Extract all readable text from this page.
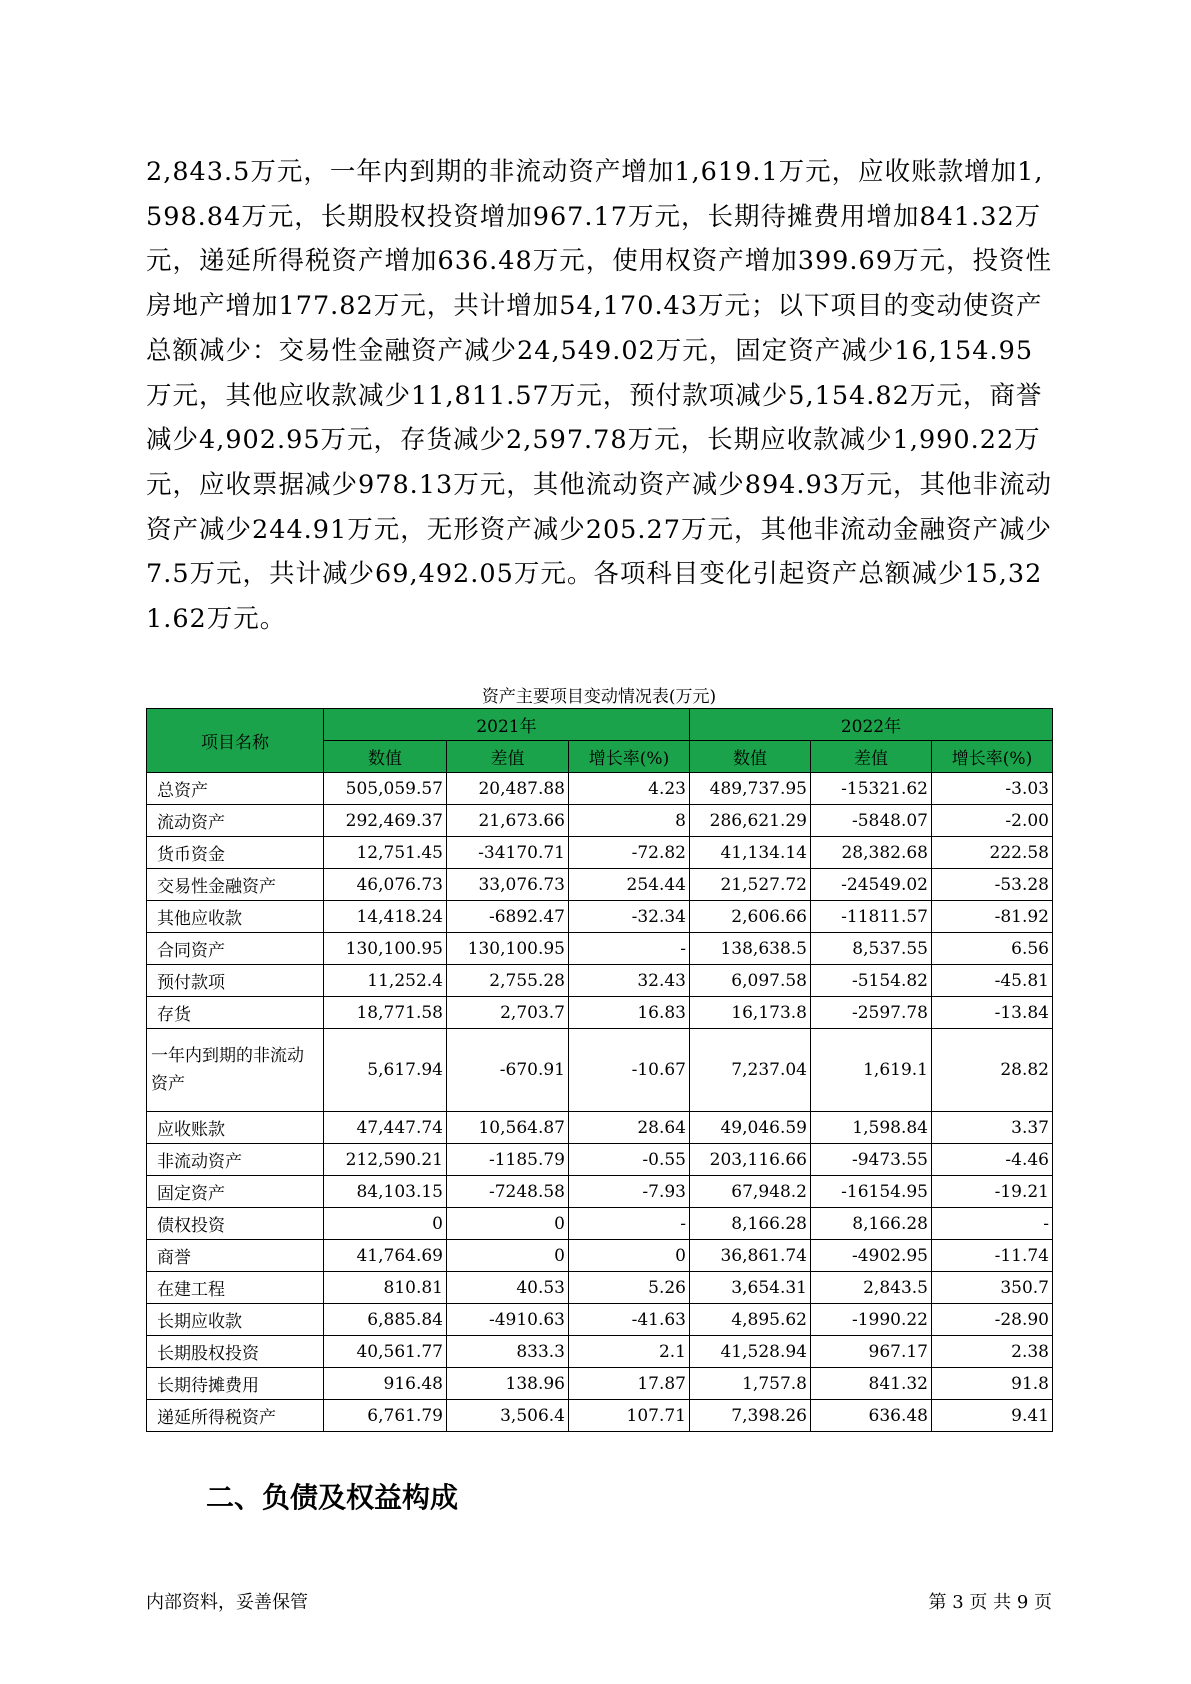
2,843.5万元，一年内到期的非流动资产增加1,619.1万元，应收账款增加1,598.84万元，长期股权投资增加967.17万元，长期待摊费用增加841.32万元，递延所得税资产增加636.48万元，使用权资产增加399.69万元，投资性房地产增加177.82万元，共计增加54,170.43万元；以下项目的变动使资产总额减少：交易性金融资产减少24,549.02万元，固定资产减少16,154.95万元，其他应收款减少11,811.57万元，预付款项减少5,154.82万元，商誉减少4,902.95万元，存货减少2,597.78万元，长期应收款减少1,990.22万元，应收票据减少978.13万元，其他流动资产减少894.93万元，其他非流动资产减少244.91万元，无形资产减少205.27万元，其他非流动金融资产减少7.5万元，共计减少69,492.05万元。各项科目变化引起资产总额减少15,321.62万元。
资产主要项目变动情况表(万元)
项目名称	2021年			2022年		
	数值	差值	增长率(%)	数值	差值	增长率(%)
总资产	505,059.57	20,487.88	4.23	489,737.95	-15321.62	-3.03
流动资产	292,469.37	21,673.66	8	286,621.29	-5848.07	-2.00
货币资金	12,751.45	-34170.71	-72.82	41,134.14	28,382.68	222.58
交易性金融资产	46,076.73	33,076.73	254.44	21,527.72	-24549.02	-53.28
其他应收款	14,418.24	-6892.47	-32.34	2,606.66	-11811.57	-81.92
合同资产	130,100.95	130,100.95	-	138,638.5	8,537.55	6.56
预付款项	11,252.4	2,755.28	32.43	6,097.58	-5154.82	-45.81
存货	18,771.58	2,703.7	16.83	16,173.8	-2597.78	-13.84
一年内到期的非流动资产	5,617.94	-670.91	-10.67	7,237.04	1,619.1	28.82
应收账款	47,447.74	10,564.87	28.64	49,046.59	1,598.84	3.37
非流动资产	212,590.21	-1185.79	-0.55	203,116.66	-9473.55	-4.46
固定资产	84,103.15	-7248.58	-7.93	67,948.2	-16154.95	-19.21
债权投资	0	0	-	8,166.28	8,166.28	-
商誉	41,764.69	0	0	36,861.74	-4902.95	-11.74
在建工程	810.81	40.53	5.26	3,654.31	2,843.5	350.7
长期应收款	6,885.84	-4910.63	-41.63	4,895.62	-1990.22	-28.90
长期股权投资	40,561.77	833.3	2.1	41,528.94	967.17	2.38
长期待摊费用	916.48	138.96	17.87	1,757.8	841.32	91.8
递延所得税资产	6,761.79	3,506.4	107.71	7,398.26	636.48	9.41
二、负债及权益构成
内部资料，妥善保管	第 3 页 共 9 页
